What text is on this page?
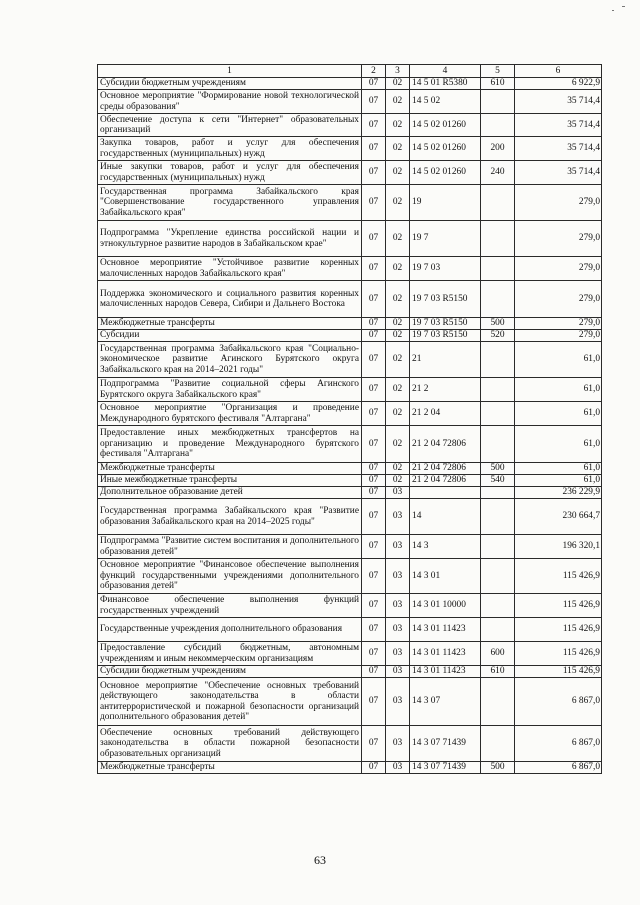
1	2	3	4	5	6
Субсидии бюджетным учреждениям	07	02	14 5 01 R5380	610	6 922,9
Основное мероприятие "Формирование новой технологической среды образования"	07	02	14 5 02		35 714,4
Обеспечение доступа к сети "Интернет" образовательных организаций	07	02	14 5 02 01260		35 714,4
Закупка товаров, работ и услуг для обеспечения государственных (муниципальных) нужд	07	02	14 5 02 01260	200	35 714,4
Иные закупки товаров, работ и услуг для обеспечения государственных (муниципальных) нужд	07	02	14 5 02 01260	240	35 714,4
Государственная программа Забайкальского края "Совершенствование государственного управления Забайкальского края"	07	02	19		279,0
Подпрограмма "Укрепление единства российской нации и этнокультурное развитие народов в Забайкальском крае"	07	02	19 7		279,0
Основное мероприятие "Устойчивое развитие коренных малочисленных народов Забайкальского края"	07	02	19 7 03		279,0
Поддержка экономического и социального развития коренных малочисленных народов Севера, Сибири и Дальнего Востока	07	02	19 7 03 R5150		279,0
Межбюджетные трансферты	07	02	19 7 03 R5150	500	279,0
Субсидии	07	02	19 7 03 R5150	520	279,0
Государственная программа Забайкальского края "Социально-экономическое развитие Агинского Бурятского округа Забайкальского края на 2014–2021 годы"	07	02	21		61,0
Подпрограмма "Развитие социальной сферы Агинского Бурятского округа Забайкальского края"	07	02	21 2		61,0
Основное мероприятие "Организация и проведение Международного бурятского фестиваля "Алтаргана"	07	02	21 2 04		61,0
Предоставление иных межбюджетных трансфертов на организацию и проведение Международного бурятского фестиваля "Алтаргана"	07	02	21 2 04 72806		61,0
Межбюджетные трансферты	07	02	21 2 04 72806	500	61,0
Иные межбюджетные трансферты	07	02	21 2 04 72806	540	61,0
Дополнительное образование детей	07	03			236 229,9
Государственная программа Забайкальского края "Развитие образования Забайкальского края на 2014–2025 годы"	07	03	14		230 664,7
Подпрограмма "Развитие систем воспитания и дополнительного образования детей"	07	03	14 3		196 320,1
Основное мероприятие "Финансовое обеспечение выполнения функций государственными учреждениями дополнительного образования детей"	07	03	14 3 01		115 426,9
Финансовое обеспечение выполнения функций государственных учреждений	07	03	14 3 01 10000		115 426,9
Государственные учреждения дополнительного образования	07	03	14 3 01 11423		115 426,9
Предоставление субсидий бюджетным, автономным учреждениям и иным некоммерческим организациям	07	03	14 3 01 11423	600	115 426,9
Субсидии бюджетным учреждениям	07	03	14 3 01 11423	610	115 426,9
Основное мероприятие "Обеспечение основных требований действующего законодательства в области антитеррористической и пожарной безопасности организаций дополнительного образования детей"	07	03	14 3 07		6 867,0
Обеспечение основных требований действующего законодательства в области пожарной безопасности образовательных организаций	07	03	14 3 07 71439		6 867,0
Межбюджетные трансферты	07	03	14 3 07 71439	500	6 867,0
63
